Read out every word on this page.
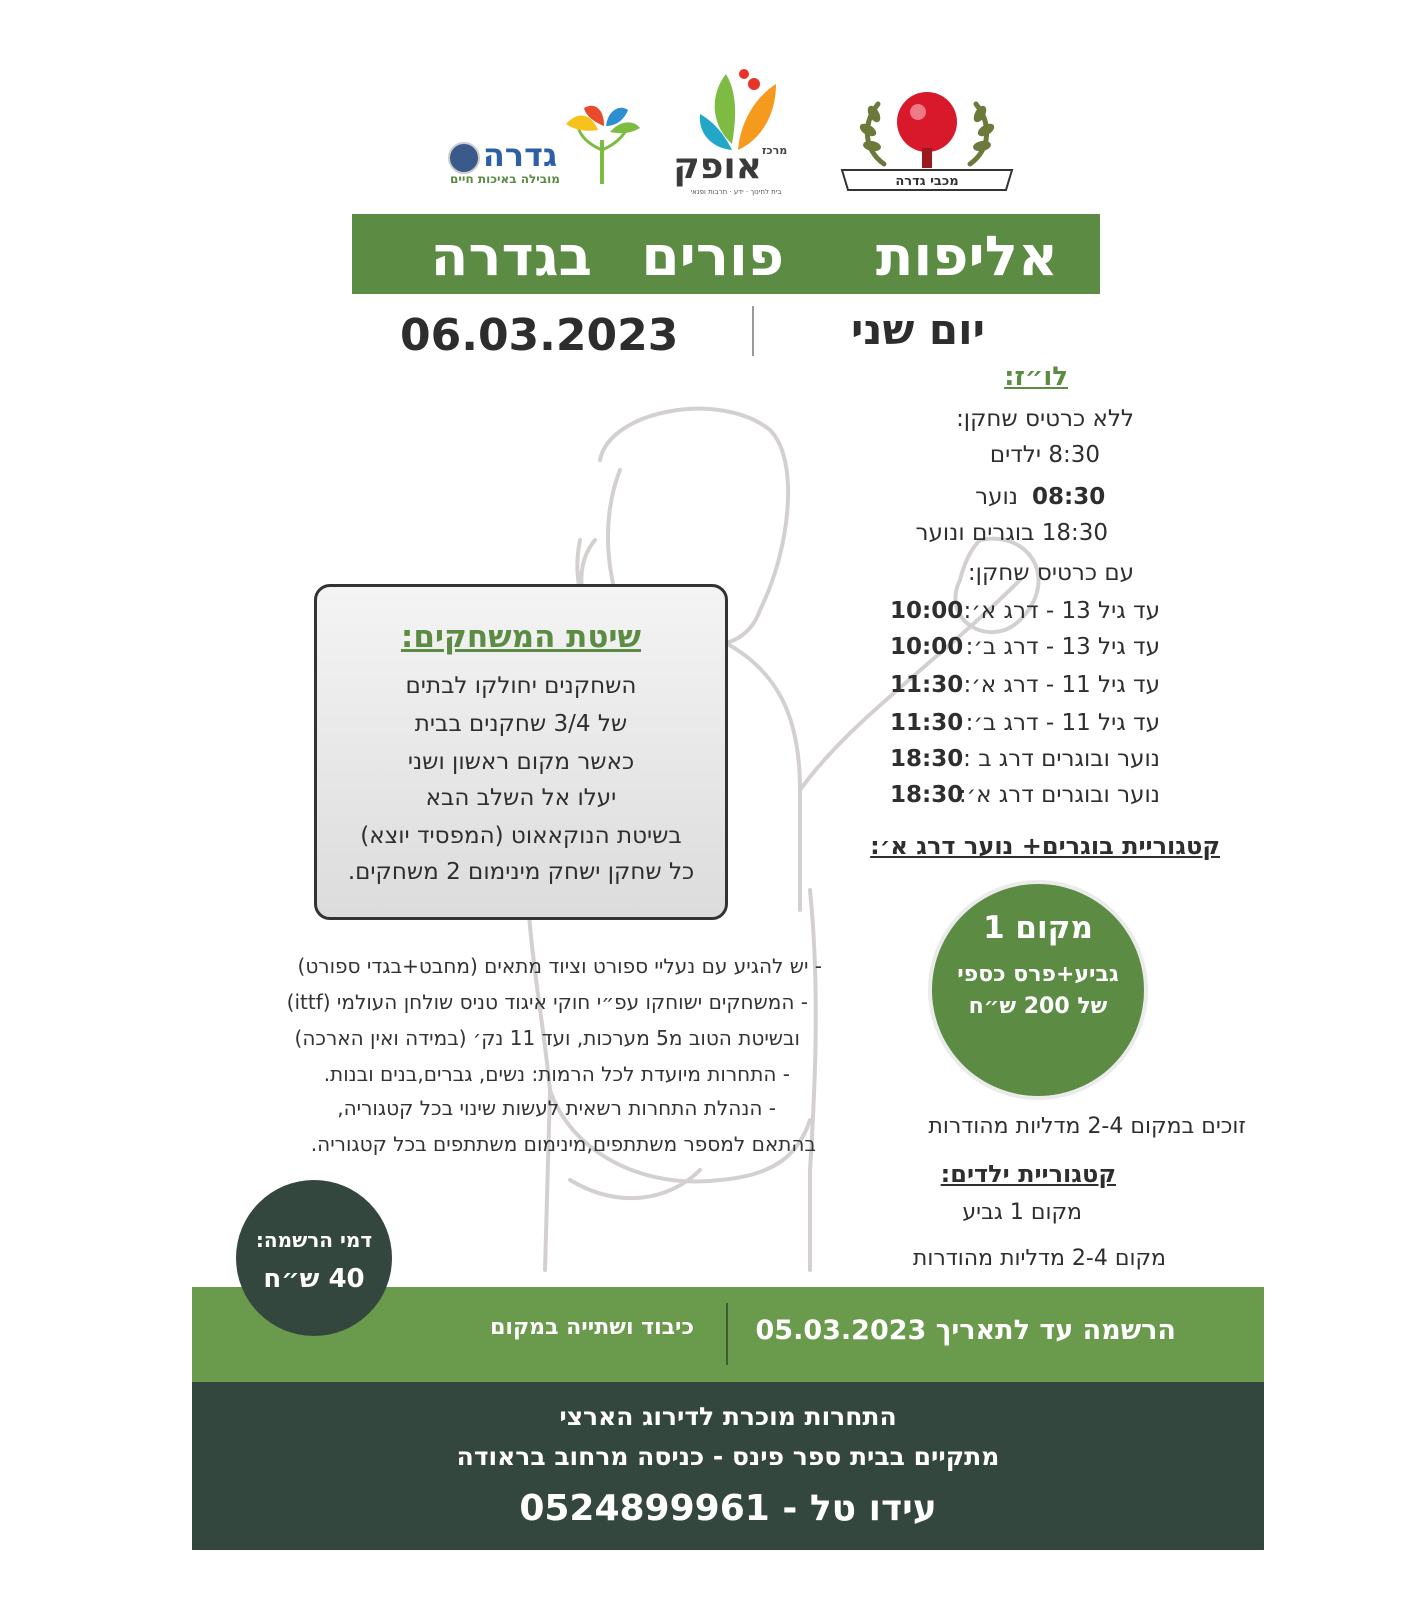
מכבי גדרה
מרכז
אופק
בית לחינוך · ידע · תרבות ופנאי
גדרה
מובילה באיכות חיים
אליפות
פורים
בגדרה
יום שני
06.03.2023
לו״ז:
ללא כרטיס שחקן:
8:30 ילדים
08:30
נוער
18:30 בוגרים ונוער
עם כרטיס שחקן:
עד גיל 13 - דרג א׳:
10:00
עד גיל 13 - דרג ב׳:
10:00
עד גיל 11 - דרג א׳:
11:30
עד גיל 11 - דרג ב׳:
11:30
נוער ובוגרים דרג ב :
18:30
נוער ובוגרים דרג א׳:
18:30
קטגוריית בוגרים+ נוער דרג א׳:
מקום 1
גביע+פרס כספי
של 200 ש״ח
זוכים במקום 2-4 מדליות מהודרות
קטגוריית ילדים:
מקום 1 גביע
מקום 2-4 מדליות מהודרות
שיטת המשחקים:
השחקנים יחולקו לבתים
של 3/4 שחקנים בבית
כאשר מקום ראשון ושני
יעלו אל השלב הבא
בשיטת הנוקאאוט (המפסיד יוצא)
כל שחקן ישחק מינימום 2 משחקים.
- יש להגיע עם נעליי ספורט וציוד מתאים (מחבט+בגדי ספורט)
- המשחקים ישוחקו עפ״י חוקי איגוד טניס שולחן העולמי (ittf)
ובשיטת הטוב מ5 מערכות, ועד 11 נק׳ (במידה ואין הארכה)
- התחרות מיועדת לכל הרמות: נשים, גברים,בנים ובנות.
- הנהלת התחרות רשאית לעשות שינוי בכל קטגוריה,
בהתאם למספר משתתפים,מינימום משתתפים בכל קטגוריה.
דמי הרשמה:
40 ש״ח
הרשמה עד לתאריך 05.03.2023
כיבוד ושתייה במקום
התחרות מוכרת לדירוג הארצי
מתקיים בבית ספר פינס - כניסה מרחוב בראודה
עידו טל - 0524899961
